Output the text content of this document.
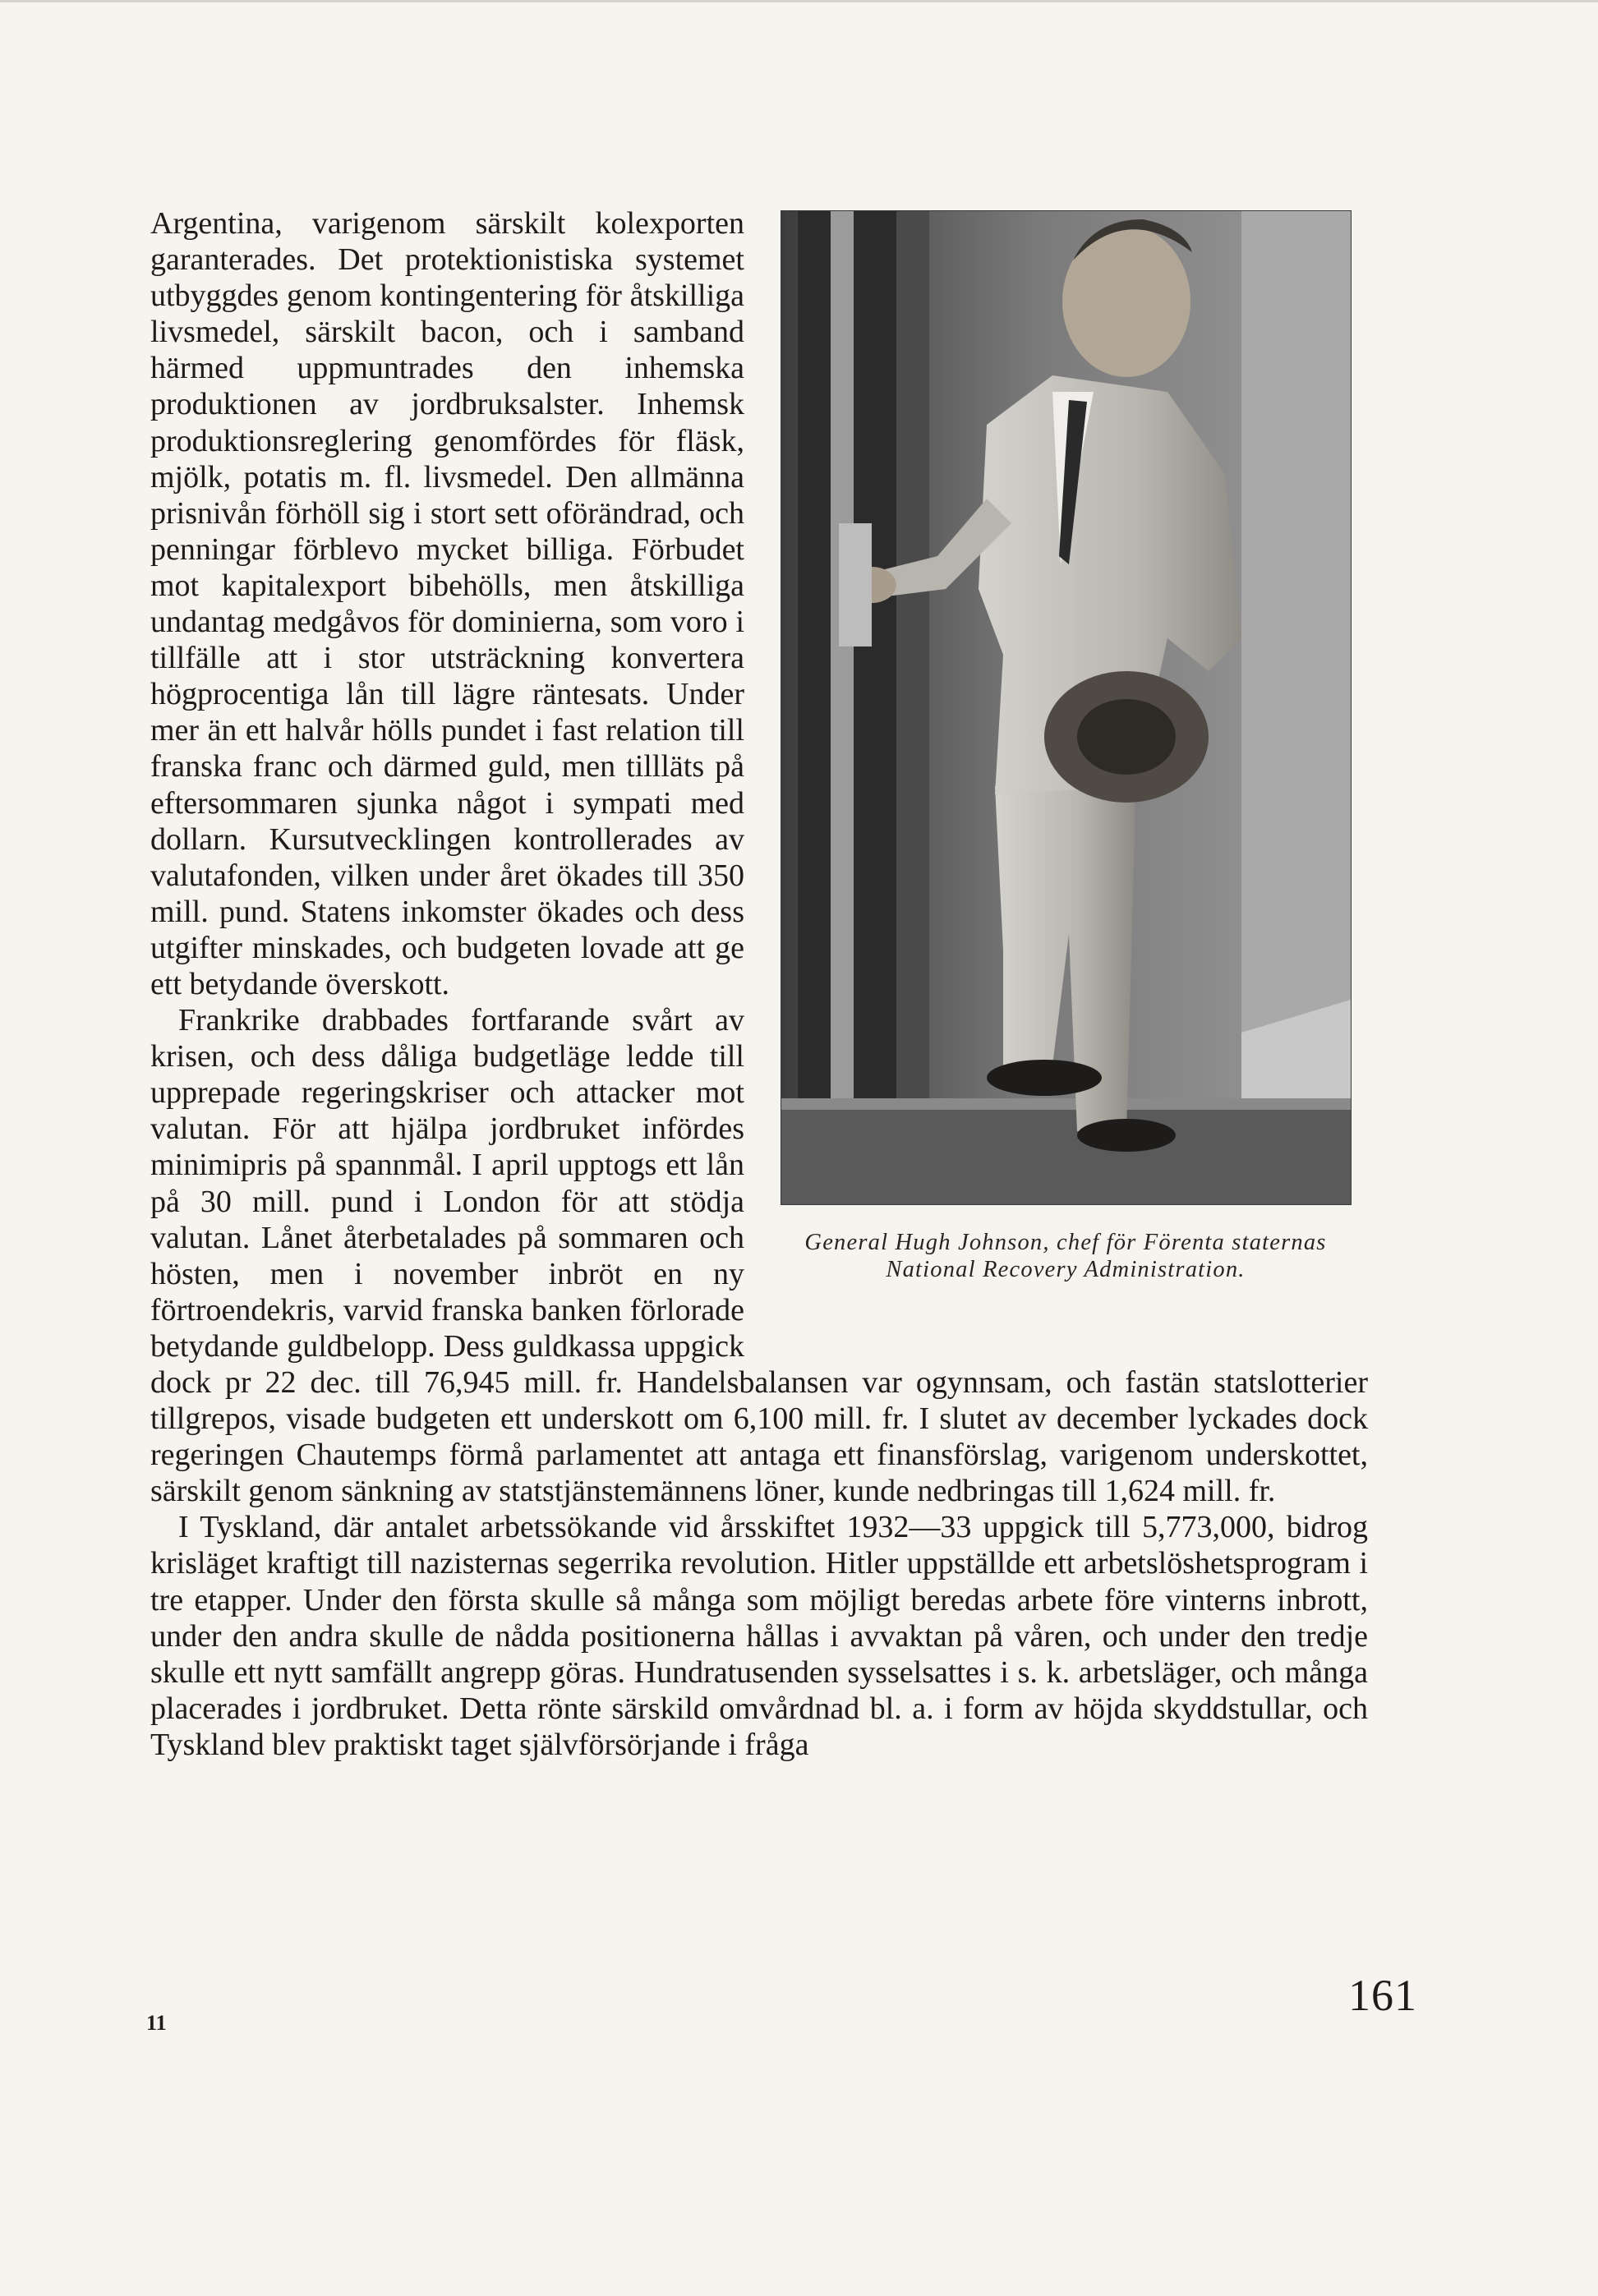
General Hugh Johnson, chef för Förenta staternas National Recovery Administration.

Argentina, varigenom särskilt kolexporten garanterades. Det protektionistiska systemet utbyggdes genom kontingentering för åtskilliga livsmedel, särskilt bacon, och i samband härmed uppmuntrades den inhemska produktionen av jordbruksalster. Inhemsk produktionsreglering genomfördes för fläsk, mjölk, potatis m. fl. livsmedel. Den allmänna prisnivån förhöll sig i stort sett oförändrad, och penningar förblevo mycket billiga. Förbudet mot kapitalexport bibehölls, men åtskilliga undantag medgåvos för dominierna, som voro i tillfälle att i stor utsträckning konvertera högprocentiga lån till lägre räntesats. Under mer än ett halvår hölls pundet i fast relation till franska franc och därmed guld, men tillläts på eftersommaren sjunka något i sympati med dollarn. Kursutvecklingen kontrollerades av valutafonden, vilken under året ökades till 350 mill. pund. Statens inkomster ökades och dess utgifter minskades, och budgeten lovade att ge ett betydande överskott.

Frankrike drabbades fortfarande svårt av krisen, och dess dåliga budgetläge ledde till upprepade regeringskriser och attacker mot valutan. För att hjälpa jordbruket infördes minimipris på spannmål. I april upptogs ett lån på 30 mill. pund i London för att stödja valutan. Lånet återbetalades på sommaren och hösten, men i november inbröt en ny förtroendekris, varvid franska banken förlorade betydande guldbelopp. Dess guldkassa uppgick dock pr 22 dec. till 76,945 mill. fr. Handelsbalansen var ogynnsam, och fastän statslotterier tillgrepos, visade budgeten ett underskott om 6,100 mill. fr. I slutet av december lyckades dock regeringen Chautemps förmå parlamentet att antaga ett finansförslag, varigenom underskottet, särskilt genom sänkning av statstjänstemännens löner, kunde nedbringas till 1,624 mill. fr.

I Tyskland, där antalet arbetssökande vid årsskiftet 1932—33 uppgick till 5,773,000, bidrog krisläget kraftigt till nazisternas segerrika revolution. Hitler uppställde ett arbetslöshetsprogram i tre etapper. Under den första skulle så många som möjligt beredas arbete före vinterns inbrott, under den andra skulle de nådda positionerna hållas i avvaktan på våren, och under den tredje skulle ett nytt samfällt angrepp göras. Hundratusenden sysselsattes i s. k. arbetsläger, och många placerades i jordbruket. Detta rönte särskild omvårdnad bl. a. i form av höjda skyddstullar, och Tyskland blev praktiskt taget självförsörjande i fråga

11
161
